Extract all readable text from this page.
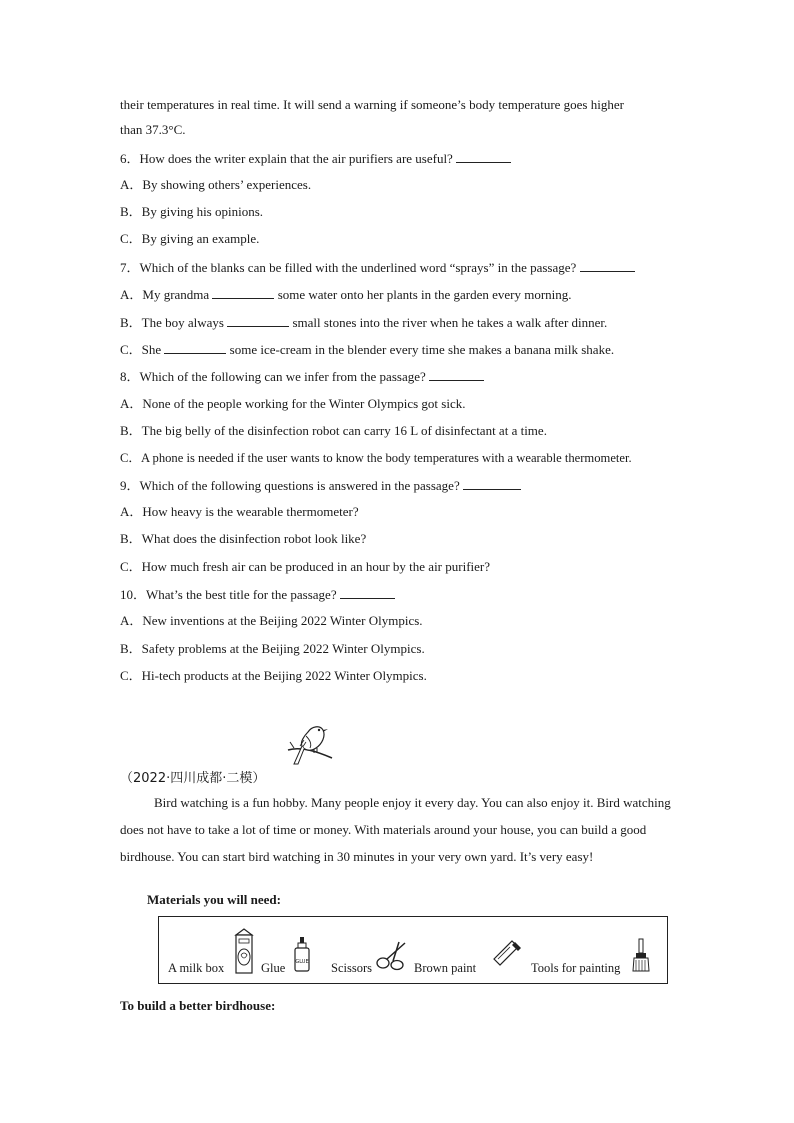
their temperatures in real time. It will send a warning if someone’s body temperature goes higher
than 37.3°C.
6．How does the writer explain that the air purifiers are useful?
A．By showing others’ experiences.
B．By giving his opinions.
C．By giving an example.
7．Which of the blanks can be filled with the underlined word “sprays” in the passage?
A．My grandma	some water onto her plants in the garden every morning.
B．The boy always	small stones into the river when he takes a walk after dinner.
C．She	some ice-cream in the blender every time she makes a banana milk shake.
8．Which of the following can we infer from the passage?
A．None of the people working for the Winter Olympics got sick.
B．The big belly of the disinfection robot can carry 16 L of disinfectant at a time.
C．A phone is needed if the user wants to know the body temperatures with a wearable thermometer.
9．Which of the following questions is answered in the passage?
A．How heavy is the wearable thermometer?
B．What does the disinfection robot look like?
C．How much fresh air can be produced in an hour by the air purifier?
10．What’s the best title for the passage?
A．New inventions at the Beijing 2022 Winter Olympics.
B．Safety problems at the Beijing 2022 Winter Olympics.
C．Hi-tech products at the Beijing 2022 Winter Olympics.
（2022·四川成都·二模）
Bird watching is a fun hobby. Many people enjoy it every day. You can also enjoy it. Bird watching does not have to take a lot of time or money. With materials around your house, you can build a good birdhouse. You can start bird watching in 30 minutes in your very own yard. It’s very easy!
Materials you will need:
A milk box	Glue GLUE Scissors	Brown paint	Tools for painting
To build a better birdhouse:
